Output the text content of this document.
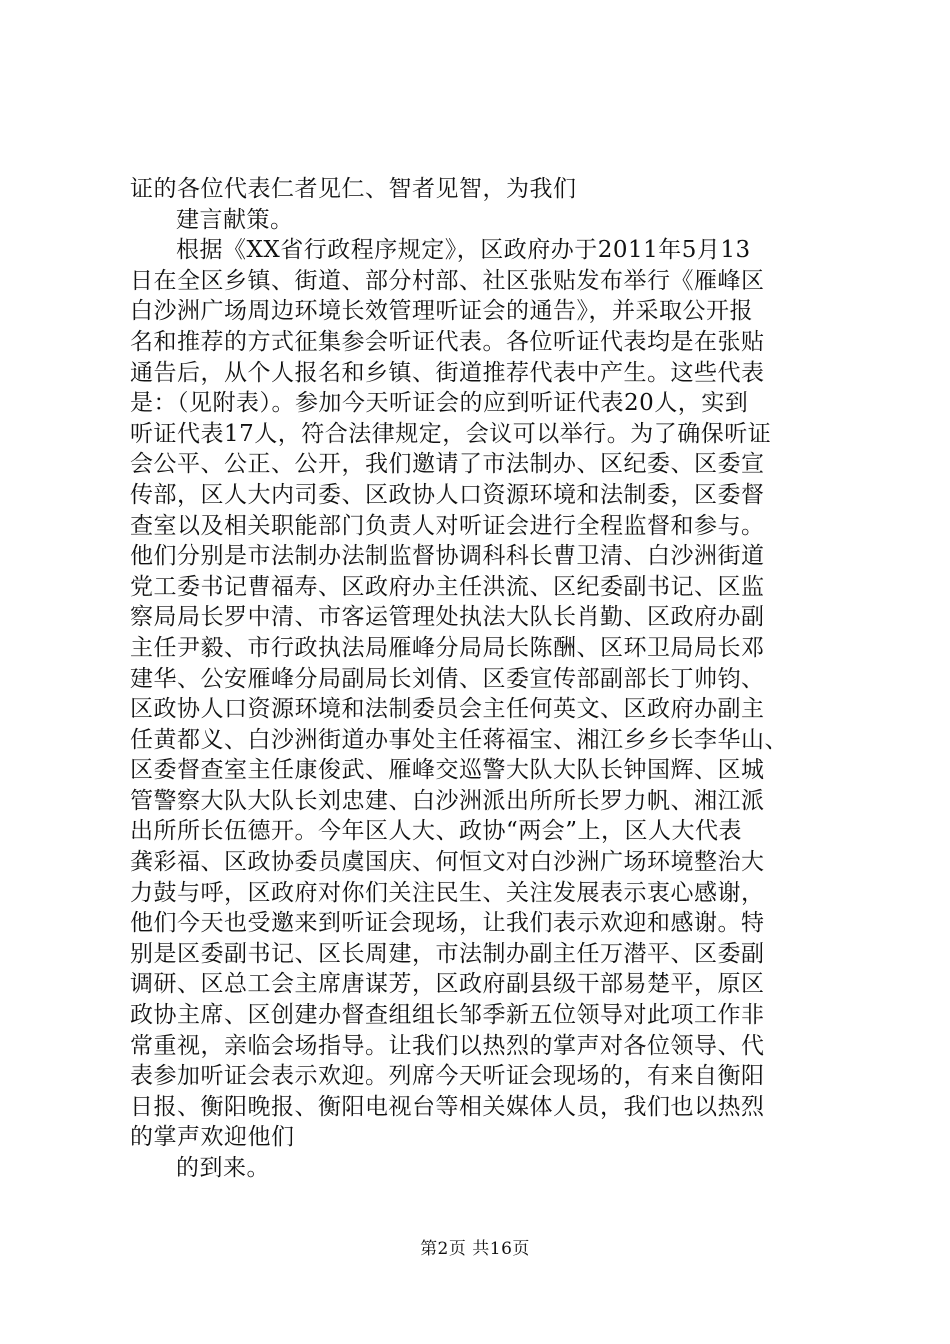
证的各位代表仁者见仁、智者见智，为我们
建言献策。
根据《XX省行政程序规定》，区政府办于2011年5月13
日在全区乡镇、街道、部分村部、社区张贴发布举行《雁峰区
白沙洲广场周边环境长效管理听证会的通告》，并采取公开报
名和推荐的方式征集参会听证代表。各位听证代表均是在张贴
通告后，从个人报名和乡镇、街道推荐代表中产生。这些代表
是：（见附表）。参加今天听证会的应到听证代表20人，实到
听证代表17人，符合法律规定，会议可以举行。为了确保听证
会公平、公正、公开，我们邀请了市法制办、区纪委、区委宣
传部，区人大内司委、区政协人口资源环境和法制委，区委督
查室以及相关职能部门负责人对听证会进行全程监督和参与。
他们分别是市法制办法制监督协调科科长曹卫清、白沙洲街道
党工委书记曹福寿、区政府办主任洪流、区纪委副书记、区监
察局局长罗中清、市客运管理处执法大队长肖勤、区政府办副
主任尹毅、市行政执法局雁峰分局局长陈酬、区环卫局局长邓
建华、公安雁峰分局副局长刘倩、区委宣传部副部长丁帅钧、
区政协人口资源环境和法制委员会主任何英文、区政府办副主
任黄都义、白沙洲街道办事处主任蒋福宝、湘江乡乡长李华山、
区委督查室主任康俊武、雁峰交巡警大队大队长钟国辉、区城
管警察大队大队长刘忠建、白沙洲派出所所长罗力帆、湘江派
出所所长伍德开。今年区人大、政协“两会”上，区人大代表
龚彩福、区政协委员虞国庆、何恒文对白沙洲广场环境整治大
力鼓与呼，区政府对你们关注民生、关注发展表示衷心感谢，
他们今天也受邀来到听证会现场，让我们表示欢迎和感谢。特
别是区委副书记、区长周建，市法制办副主任万潜平、区委副
调研、区总工会主席唐谋芳，区政府副县级干部易楚平，原区
政协主席、区创建办督查组组长邹季新五位领导对此项工作非
常重视，亲临会场指导。让我们以热烈的掌声对各位领导、代
表参加听证会表示欢迎。列席今天听证会现场的，有来自衡阳
日报、衡阳晚报、衡阳电视台等相关媒体人员，我们也以热烈
的掌声欢迎他们
的到来。
第2页 共16页
